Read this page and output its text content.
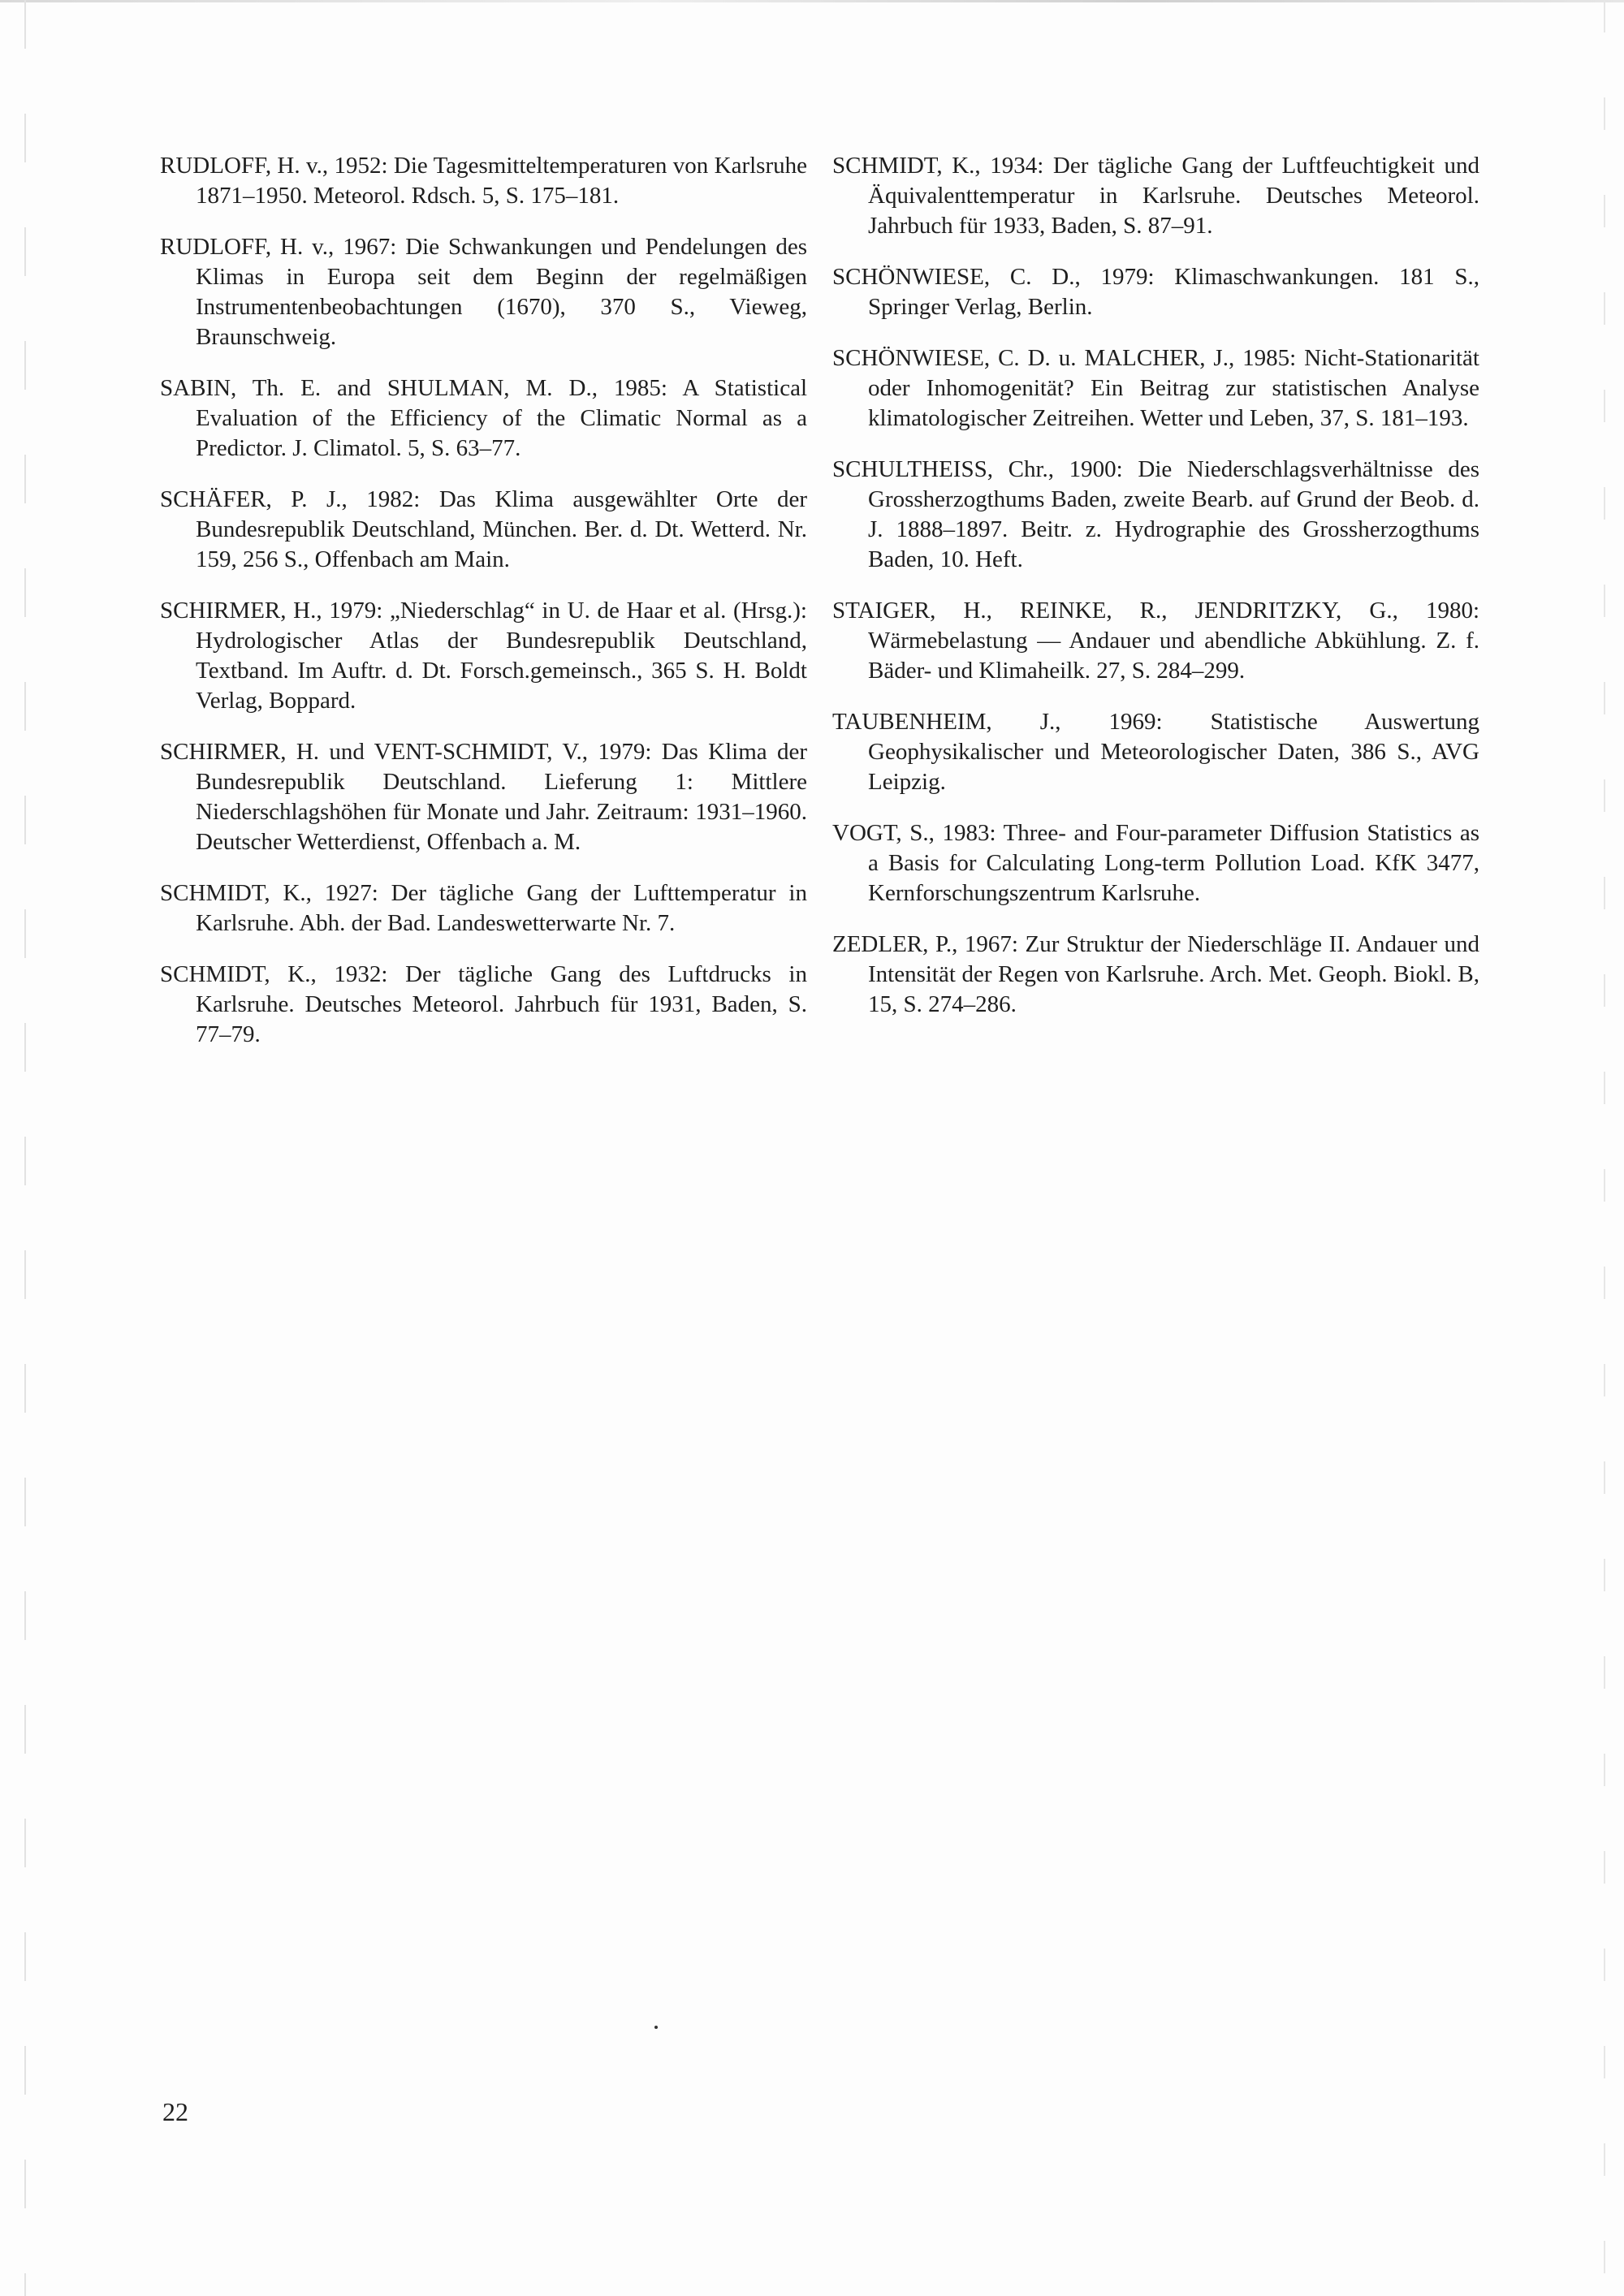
RUDLOFF, H. v., 1952: Die Tagesmitteltemperaturen von Karlsruhe 1871–1950. Meteorol. Rdsch. 5, S. 175–181.

RUDLOFF, H. v., 1967: Die Schwankungen und Pendelungen des Klimas in Europa seit dem Beginn der regelmäßigen Instrumentenbeobachtungen (1670), 370 S., Vieweg, Braunschweig.

SABIN, Th. E. and SHULMAN, M. D., 1985: A Statistical Evaluation of the Efficiency of the Climatic Normal as a Predictor. J. Climatol. 5, S. 63–77.

SCHÄFER, P. J., 1982: Das Klima ausgewählter Orte der Bundesrepublik Deutschland, München. Ber. d. Dt. Wetterd. Nr. 159, 256 S., Offenbach am Main.

SCHIRMER, H., 1979: „Niederschlag“ in U. de Haar et al. (Hrsg.): Hydrologischer Atlas der Bundesrepublik Deutschland, Textband. Im Auftr. d. Dt. Forsch.gemeinsch., 365 S. H. Boldt Verlag, Boppard.

SCHIRMER, H. und VENT-SCHMIDT, V., 1979: Das Klima der Bundesrepublik Deutschland. Lieferung 1: Mittlere Niederschlagshöhen für Monate und Jahr. Zeitraum: 1931–1960. Deutscher Wetterdienst, Offenbach a. M.

SCHMIDT, K., 1927: Der tägliche Gang der Lufttemperatur in Karlsruhe. Abh. der Bad. Landeswetterwarte Nr. 7.

SCHMIDT, K., 1932: Der tägliche Gang des Luftdrucks in Karlsruhe. Deutsches Meteorol. Jahrbuch für 1931, Baden, S. 77–79.

SCHMIDT, K., 1934: Der tägliche Gang der Luftfeuchtigkeit und Äquivalenttemperatur in Karlsruhe. Deutsches Meteorol. Jahrbuch für 1933, Baden, S. 87–91.

SCHÖNWIESE, C. D., 1979: Klimaschwankungen. 181 S., Springer Verlag, Berlin.

SCHÖNWIESE, C. D. u. MALCHER, J., 1985: Nicht-Stationarität oder Inhomogenität? Ein Beitrag zur statistischen Analyse klimatologischer Zeitreihen. Wetter und Leben, 37, S. 181–193.

SCHULTHEISS, Chr., 1900: Die Niederschlagsverhältnisse des Grossherzogthums Baden, zweite Bearb. auf Grund der Beob. d. J. 1888–1897. Beitr. z. Hydrographie des Grossherzogthums Baden, 10. Heft.

STAIGER, H., REINKE, R., JENDRITZKY, G., 1980: Wärmebelastung — Andauer und abendliche Abkühlung. Z. f. Bäder- und Klimaheilk. 27, S. 284–299.

TAUBENHEIM, J., 1969: Statistische Auswertung Geophysikalischer und Meteorologischer Daten, 386 S., AVG Leipzig.

VOGT, S., 1983: Three- and Four-parameter Diffusion Statistics as a Basis for Calculating Long-term Pollution Load. KfK 3477, Kernforschungszentrum Karlsruhe.

ZEDLER, P., 1967: Zur Struktur der Niederschläge II. Andauer und Intensität der Regen von Karlsruhe. Arch. Met. Geoph. Biokl. B, 15, S. 274–286.

22
